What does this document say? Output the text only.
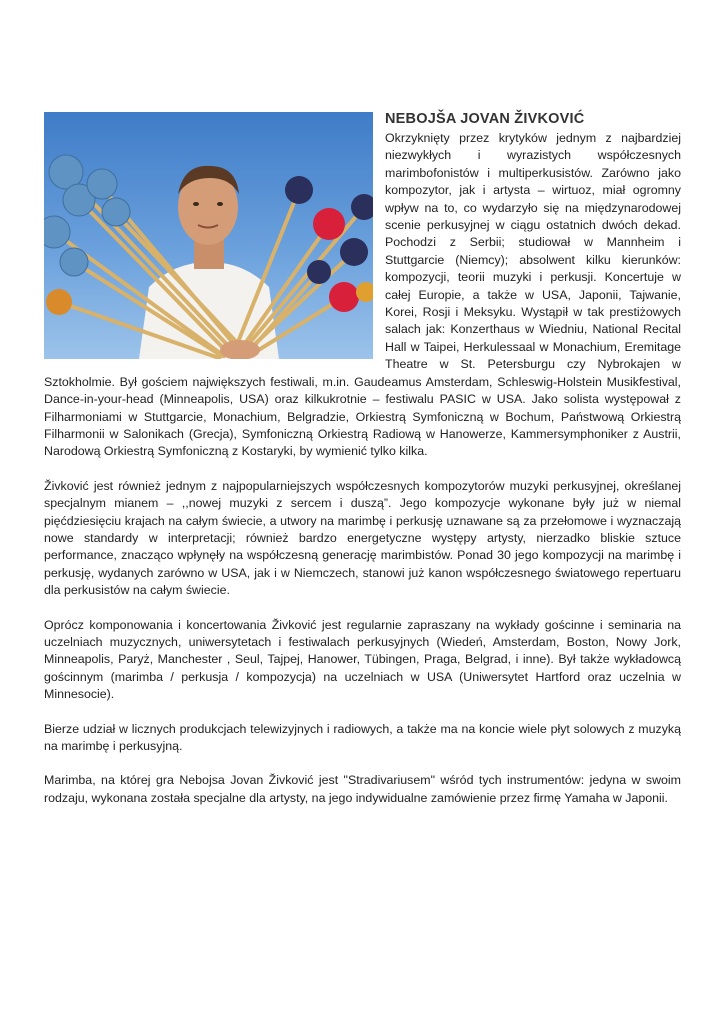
NEBOJŠA JOVAN ŽIVKOVIĆ

Okrzyknięty przez krytyków jednym z najbardziej niezwykłych i wyrazistych współczesnych marimbofonistów i multiperkusistów. Zarówno jako kompozytor, jak i artysta – wirtuoz, miał ogromny wpływ na to, co wydarzyło się na międzynarodowej scenie perkusyjnej w ciągu ostatnich dwóch dekad. Pochodzi z Serbii; studiował w Mannheim i Stuttgarcie (Niemcy); absolwent kilku kierunków: kompozycji, teorii muzyki i perkusji. Koncertuje w całej Europie, a także w USA, Japonii, Tajwanie, Korei, Rosji i Meksyku. Wystąpił w tak prestiżowych salach jak: Konzerthaus w Wiedniu, National Recital Hall w Taipei, Herkulessaal w Monachium, Eremitage Theatre w St. Petersburgu czy Nybrokajen w Sztokholmie. Był gościem największych festiwali, m.in. Gaudeamus Amsterdam, Schleswig-Holstein Musikfestival, Dance-in-your-head (Minneapolis, USA) oraz kilkukrotnie – festiwalu PASIC w USA. Jako solista występował z Filharmoniami w Stuttgarcie, Monachium, Belgradzie, Orkiestrą Symfoniczną w Bochum, Państwową Orkiestrą Filharmonii w Salonikach (Grecja), Symfoniczną Orkiestrą Radiową w Hanowerze, Kammersymphoniker z Austrii, Narodową Orkiestrą Symfoniczną z Kostaryki, by wymienić tylko kilka.

Živković jest również jednym z najpopularniejszych współczesnych kompozytorów muzyki perkusyjnej, określanej specjalnym mianem – ,,nowej muzyki z sercem i duszą”. Jego kompozycje wykonane były już w niemal pięćdziesięciu krajach na całym świecie, a utwory na marimbę i perkusję uznawane są za przełomowe i wyznaczają nowe standardy w interpretacji; również bardzo energetyczne występy artysty, nierzadko bliskie sztuce performance, znacząco wpłynęły na współczesną generację marimbistów. Ponad 30 jego kompozycji na marimbę i perkusję, wydanych zarówno w USA, jak i w Niemczech, stanowi już kanon współczesnego światowego repertuaru dla perkusistów na całym świecie.

Oprócz komponowania i koncertowania Živković jest regularnie zapraszany na wykłady gościnne i seminaria na uczelniach muzycznych, uniwersytetach i festiwalach perkusyjnych (Wiedeń, Amsterdam, Boston, Nowy Jork, Minneapolis, Paryż, Manchester , Seul, Tajpej, Hanower, Tübingen, Praga, Belgrad, i inne). Był także wykładowcą gościnnym (marimba / perkusja / kompozycja) na uczelniach w USA (Uniwersytet Hartford oraz uczelnia w Minnesocie).

Bierze udział w licznych produkcjach telewizyjnych i radiowych, a także ma na koncie wiele płyt solowych z muzyką na marimbę i perkusyjną.

Marimba, na której gra Nebojsa Jovan Živković jest "Stradivariusem" wśród tych instrumentów: jedyna w swoim rodzaju, wykonana została specjalne dla artysty, na jego indywidualne zamówienie przez firmę Yamaha w Japonii.
